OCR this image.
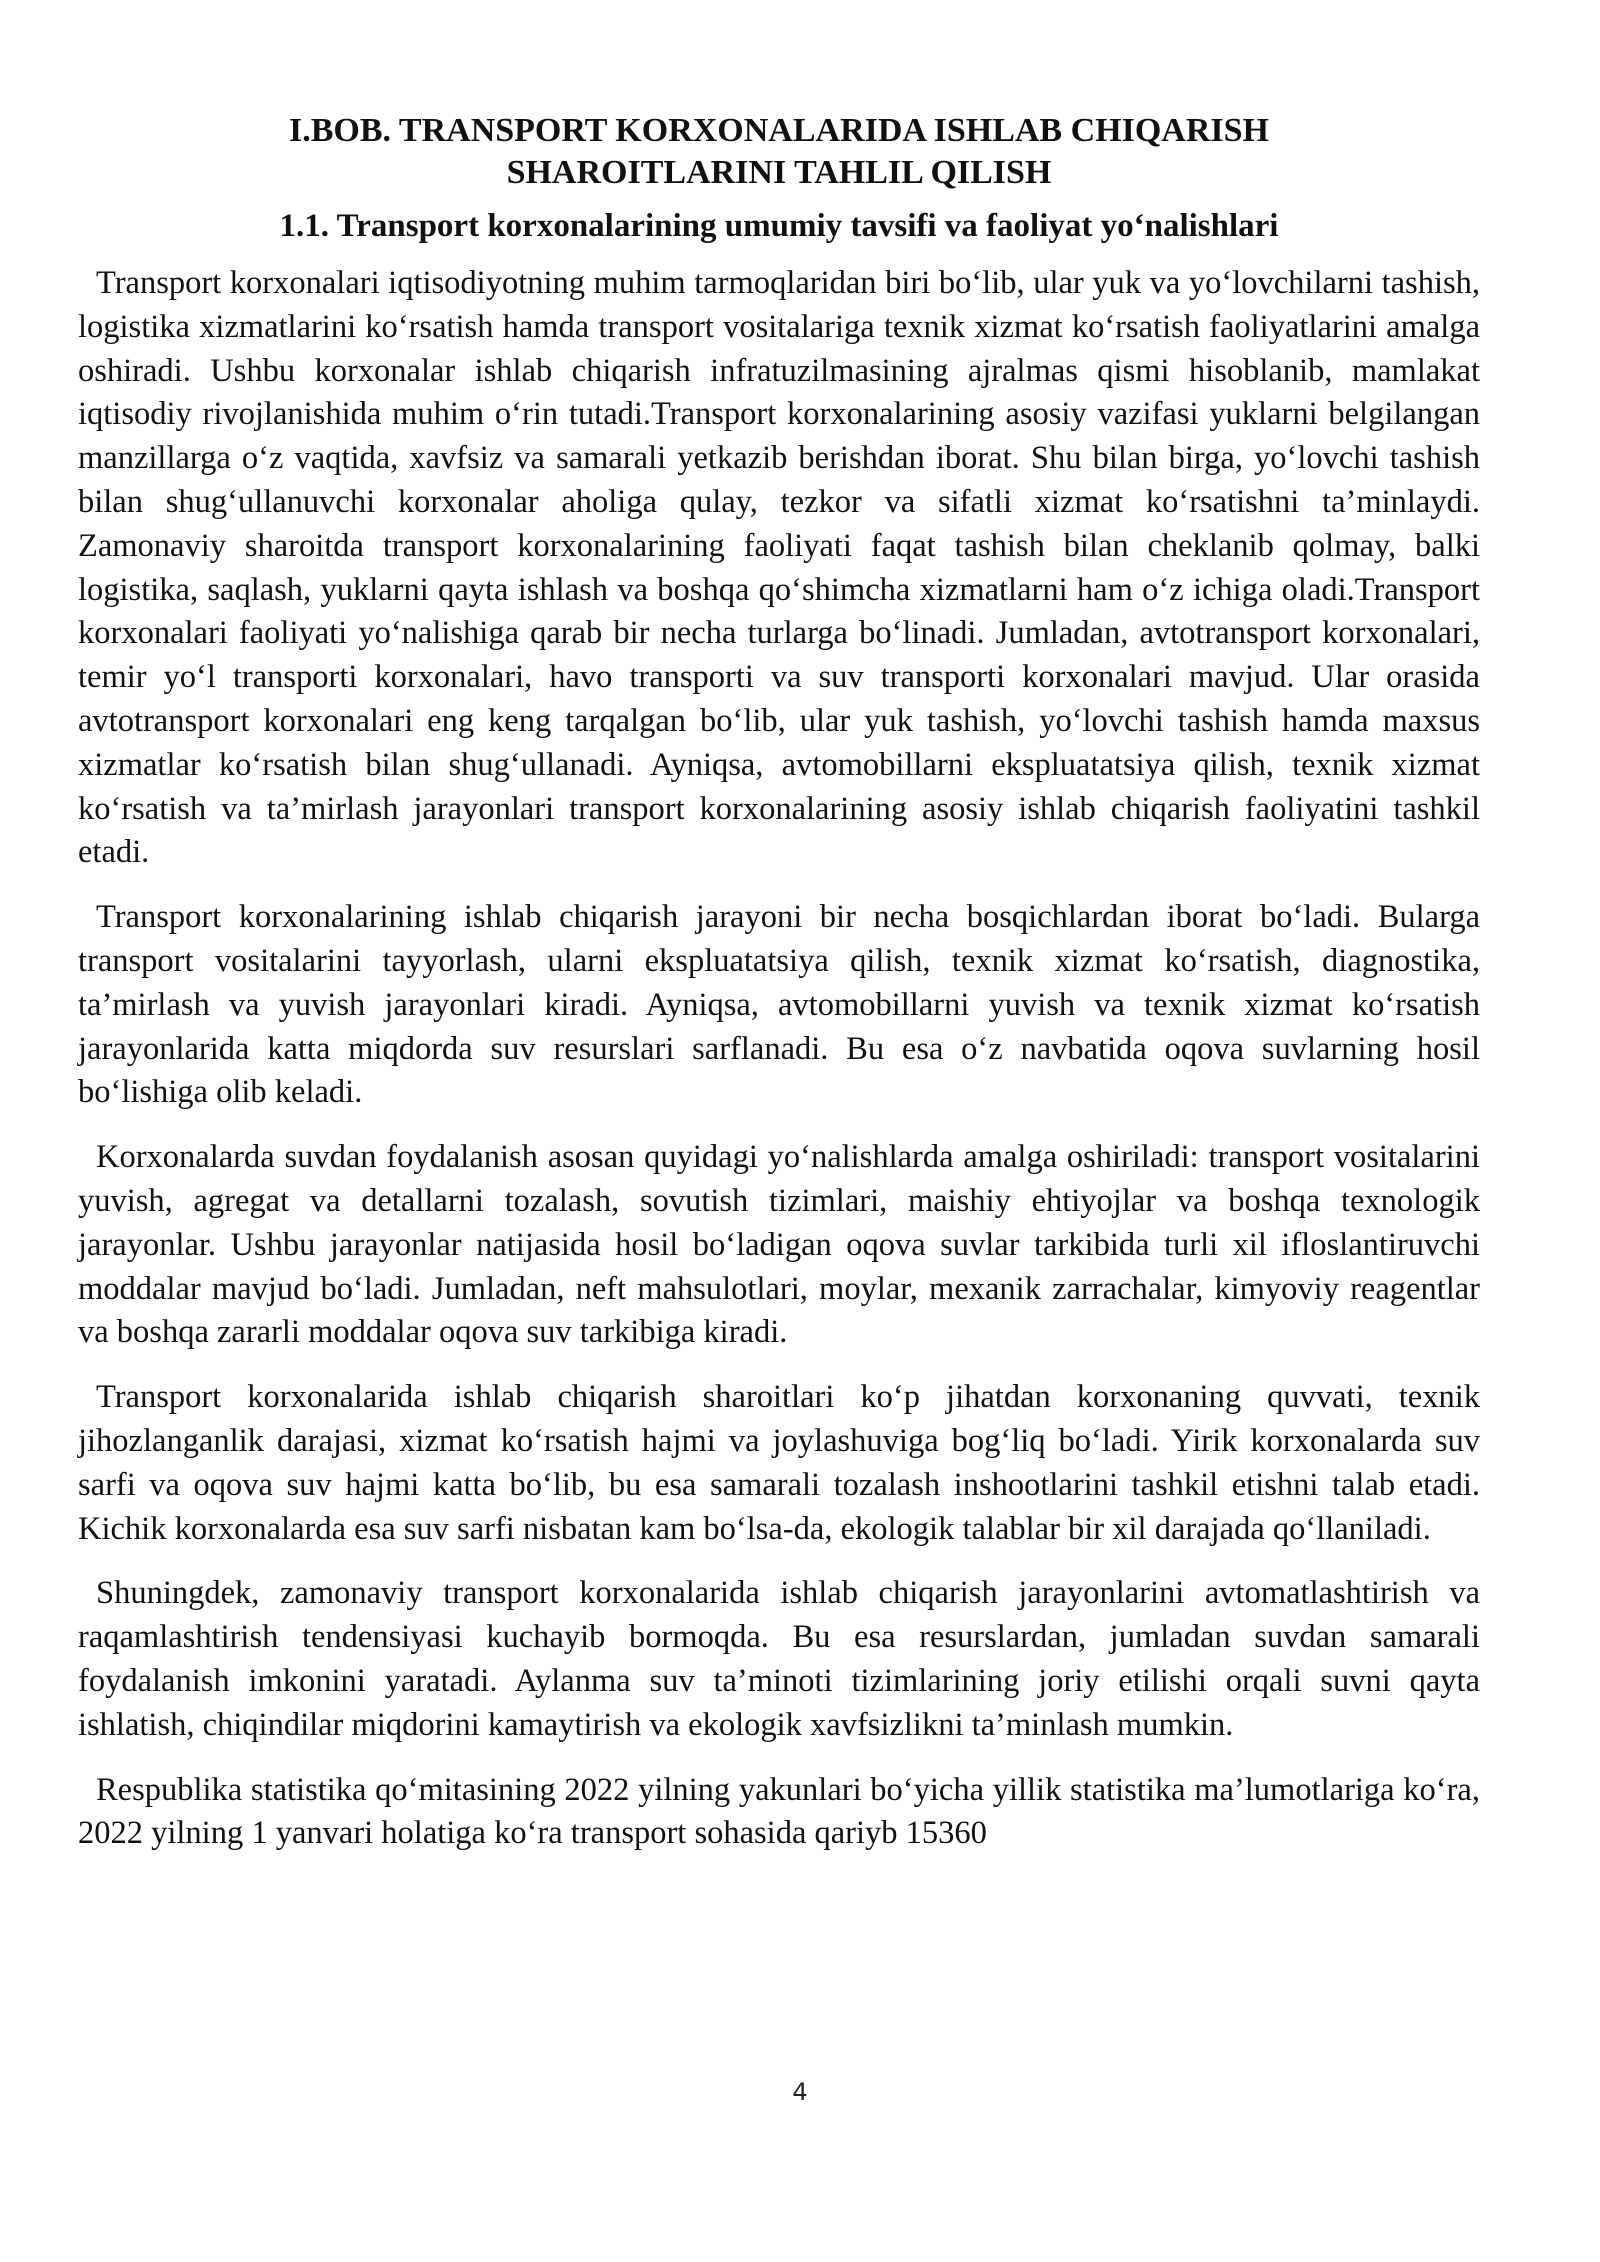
I.BOB. TRANSPORT KORXONALARIDA ISHLAB CHIQARISH
SHAROITLARINI TAHLIL QILISH
1.1. Transport korxonalarining umumiy tavsifi va faoliyat yo‘nalishlari

Transport korxonalari iqtisodiyotning muhim tarmoqlaridan biri bo‘lib, ular yuk va yo‘lovchilarni tashish, logistika xizmatlarini ko‘rsatish hamda transport vositalariga texnik xizmat ko‘rsatish faoliyatlarini amalga oshiradi. Ushbu korxonalar ishlab chiqarish infratuzilmasining ajralmas qismi hisoblanib, mamlakat iqtisodiy rivojlanishida muhim o‘rin tutadi.Transport korxonalarining asosiy vazifasi yuklarni belgilangan manzillarga o‘z vaqtida, xavfsiz va samarali yetkazib berishdan iborat. Shu bilan birga, yo‘lovchi tashish bilan shug‘ullanuvchi korxonalar aholiga qulay, tezkor va sifatli xizmat ko‘rsatishni ta’minlaydi. Zamonaviy sharoitda transport korxonalarining faoliyati faqat tashish bilan cheklanib qolmay, balki logistika, saqlash, yuklarni qayta ishlash va boshqa qo‘shimcha xizmatlarni ham o‘z ichiga oladi.Transport korxonalari faoliyati yo‘nalishiga qarab bir necha turlarga bo‘linadi. Jumladan, avtotransport korxonalari, temir yo‘l transporti korxonalari, havo transporti va suv transporti korxonalari mavjud. Ular orasida avtotransport korxonalari eng keng tarqalgan bo‘lib, ular yuk tashish, yo‘lovchi tashish hamda maxsus xizmatlar ko‘rsatish bilan shug‘ullanadi. Ayniqsa, avtomobillarni ekspluatatsiya qilish, texnik xizmat ko‘rsatish va ta’mirlash jarayonlari transport korxonalarining asosiy ishlab chiqarish faoliyatini tashkil etadi.

Transport korxonalarining ishlab chiqarish jarayoni bir necha bosqichlardan iborat bo‘ladi. Bularga transport vositalarini tayyorlash, ularni ekspluatatsiya qilish, texnik xizmat ko‘rsatish, diagnostika, ta’mirlash va yuvish jarayonlari kiradi. Ayniqsa, avtomobillarni yuvish va texnik xizmat ko‘rsatish jarayonlarida katta miqdorda suv resurslari sarflanadi. Bu esa o‘z navbatida oqova suvlarning hosil bo‘lishiga olib keladi.

Korxonalarda suvdan foydalanish asosan quyidagi yo‘nalishlarda amalga oshiriladi: transport vositalarini yuvish, agregat va detallarni tozalash, sovutish tizimlari, maishiy ehtiyojlar va boshqa texnologik jarayonlar. Ushbu jarayonlar natijasida hosil bo‘ladigan oqova suvlar tarkibida turli xil ifloslantiruvchi moddalar mavjud bo‘ladi. Jumladan, neft mahsulotlari, moylar, mexanik zarrachalar, kimyoviy reagentlar va boshqa zararli moddalar oqova suv tarkibiga kiradi.

Transport korxonalarida ishlab chiqarish sharoitlari ko‘p jihatdan korxonaning quvvati, texnik jihozlanganlik darajasi, xizmat ko‘rsatish hajmi va joylashuviga bog‘liq bo‘ladi. Yirik korxonalarda suv sarfi va oqova suv hajmi katta bo‘lib, bu esa samarali tozalash inshootlarini tashkil etishni talab etadi. Kichik korxonalarda esa suv sarfi nisbatan kam bo‘lsa-da, ekologik talablar bir xil darajada qo‘llaniladi.

Shuningdek, zamonaviy transport korxonalarida ishlab chiqarish jarayonlarini avtomatlashtirish va raqamlashtirish tendensiyasi kuchayib bormoqda. Bu esa resurslardan, jumladan suvdan samarali foydalanish imkonini yaratadi. Aylanma suv ta’minoti tizimlarining joriy etilishi orqali suvni qayta ishlatish, chiqindilar miqdorini kamaytirish va ekologik xavfsizlikni ta’minlash mumkin.

Respublika statistika qo‘mitasining 2022 yilning yakunlari bo‘yicha yillik statistika ma’lumotlariga ko‘ra, 2022 yilning 1 yanvari holatiga ko‘ra transport sohasida qariyb 15360

4
